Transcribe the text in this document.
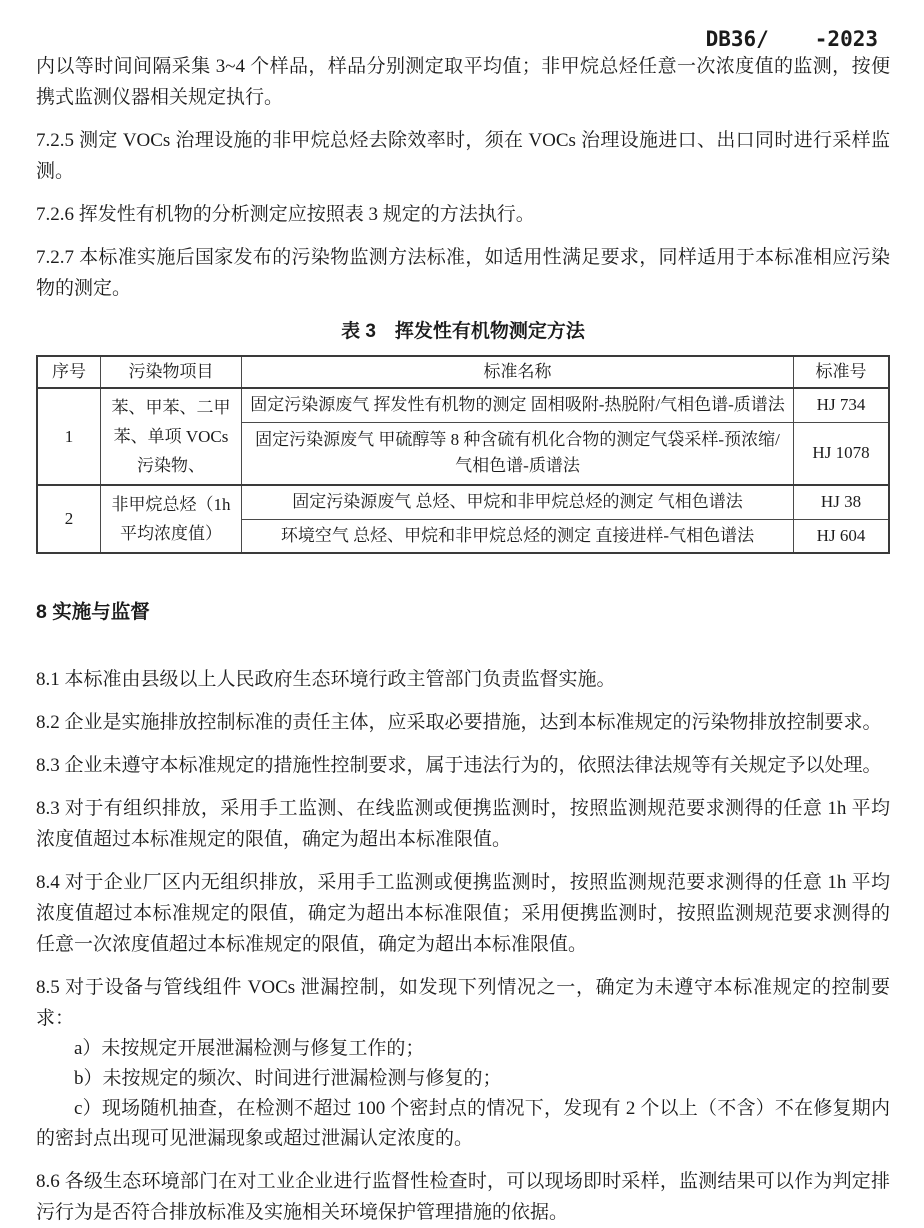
DB36/ -2023

内以等时间间隔采集 3~4 个样品，样品分别测定取平均值；非甲烷总烃任意一次浓度值的监测，按便携式监测仪器相关规定执行。

7.2.5 测定 VOCs 治理设施的非甲烷总烃去除效率时，须在 VOCs 治理设施进口、出口同时进行采样监测。

7.2.6 挥发性有机物的分析测定应按照表 3 规定的方法执行。

7.2.7 本标准实施后国家发布的污染物监测方法标准，如适用性满足要求，同样适用于本标准相应污染物的测定。

表 3　挥发性有机物测定方法
序号	污染物项目	标准名称	标准号
1	苯、甲苯、二甲苯、单项 VOCs 污染物、	固定污染源废气 挥发性有机物的测定 固相吸附-热脱附/气相色谱-质谱法	HJ 734
		固定污染源废气 甲硫醇等 8 种含硫有机化合物的测定气袋采样-预浓缩/气相色谱-质谱法	HJ 1078
2	非甲烷总烃（1h 平均浓度值）	固定污染源废气 总烃、甲烷和非甲烷总烃的测定 气相色谱法	HJ 38
		环境空气 总烃、甲烷和非甲烷总烃的测定 直接进样-气相色谱法	HJ 604
8 实施与监督

8.1 本标准由县级以上人民政府生态环境行政主管部门负责监督实施。

8.2 企业是实施排放控制标准的责任主体，应采取必要措施，达到本标准规定的污染物排放控制要求。

8.3 企业未遵守本标准规定的措施性控制要求，属于违法行为的，依照法律法规等有关规定予以处理。

8.3 对于有组织排放，采用手工监测、在线监测或便携监测时，按照监测规范要求测得的任意 1h 平均浓度值超过本标准规定的限值，确定为超出本标准限值。

8.4 对于企业厂区内无组织排放，采用手工监测或便携监测时，按照监测规范要求测得的任意 1h 平均浓度值超过本标准规定的限值，确定为超出本标准限值；采用便携监测时，按照监测规范要求测得的任意一次浓度值超过本标准规定的限值，确定为超出本标准限值。

8.5 对于设备与管线组件 VOCs 泄漏控制，如发现下列情况之一，确定为未遵守本标准规定的控制要求：

a）未按规定开展泄漏检测与修复工作的；

b）未按规定的频次、时间进行泄漏检测与修复的；

c）现场随机抽查，在检测不超过 100 个密封点的情况下，发现有 2 个以上（不含）不在修复期内的密封点出现可见泄漏现象或超过泄漏认定浓度的。

8.6 各级生态环境部门在对工业企业进行监督性检查时，可以现场即时采样，监测结果可以作为判定排污行为是否符合排放标准及实施相关环境保护管理措施的依据。
